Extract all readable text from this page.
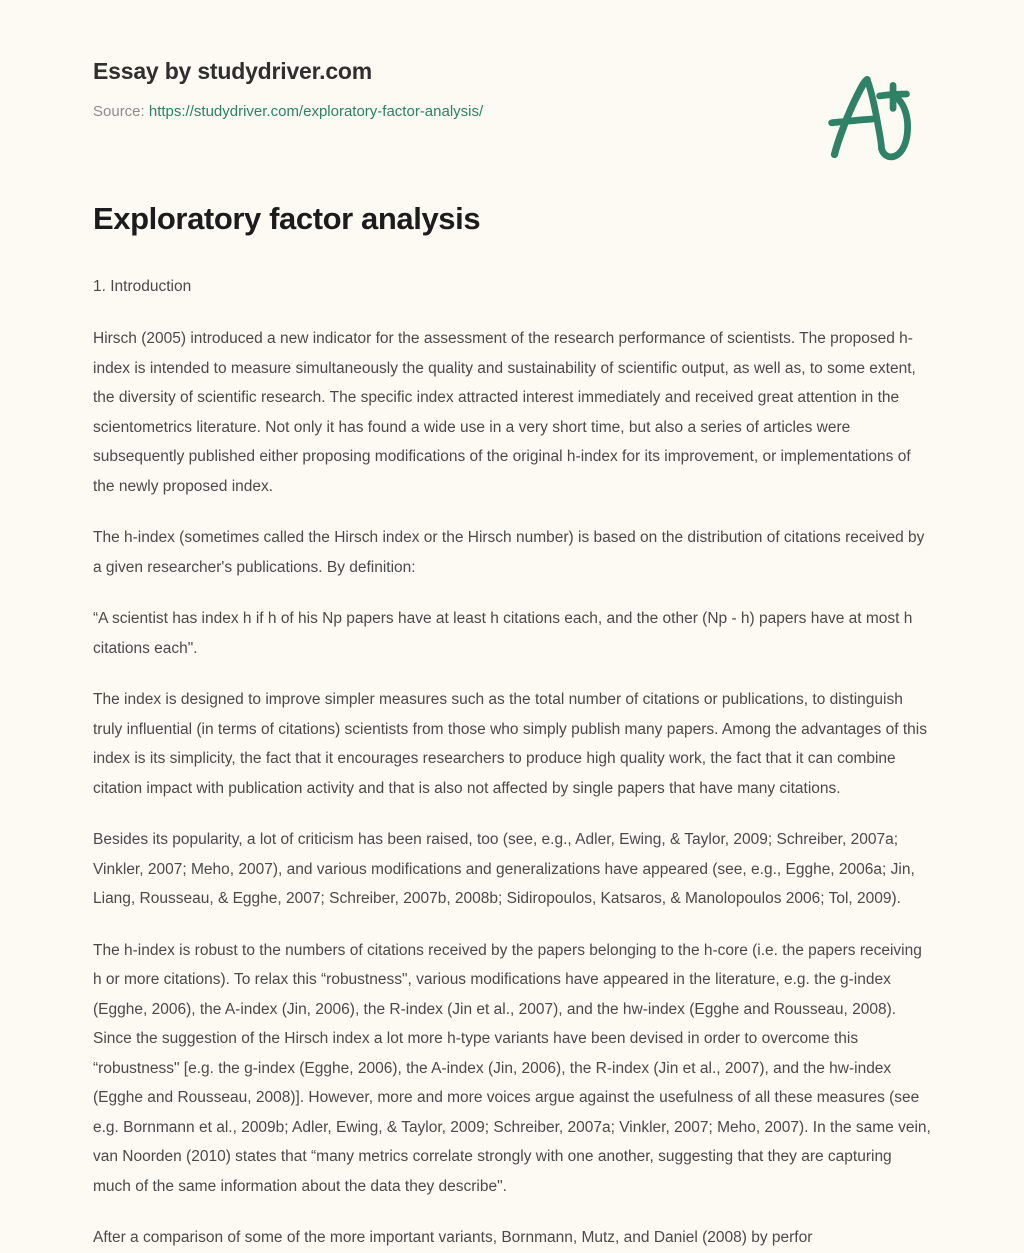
Essay by studydriver.com
Source: https://studydriver.com/exploratory-factor-analysis/
Exploratory factor analysis
1. Introduction

Hirsch (2005) introduced a new indicator for the assessment of the research performance of scientists. The proposed h-index is intended to measure simultaneously the quality and sustainability of scientific output, as well as, to some extent, the diversity of scientific research. The specific index attracted interest immediately and received great attention in the scientometrics literature. Not only it has found a wide use in a very short time, but also a series of articles were subsequently published either proposing modifications of the original h-index for its improvement, or implementations of the newly proposed index.

The h-index (sometimes called the Hirsch index or the Hirsch number) is based on the distribution of citations received by a given researcher's publications. By definition:

“A scientist has index h if h of his Np papers have at least h citations each, and the other (Np - h) papers have at most h citations each".

The index is designed to improve simpler measures such as the total number of citations or publications, to distinguish truly influential (in terms of citations) scientists from those who simply publish many papers. Among the advantages of this index is its simplicity, the fact that it encourages researchers to produce high quality work, the fact that it can combine citation impact with publication activity and that is also not affected by single papers that have many citations.

Besides its popularity, a lot of criticism has been raised, too (see, e.g., Adler, Ewing, & Taylor, 2009; Schreiber, 2007a; Vinkler, 2007; Meho, 2007), and various modifications and generalizations have appeared (see, e.g., Egghe, 2006a; Jin, Liang, Rousseau, & Egghe, 2007; Schreiber, 2007b, 2008b; Sidiropoulos, Katsaros, & Manolopoulos 2006; Tol, 2009).

The h-index is robust to the numbers of citations received by the papers belonging to the h-core (i.e. the papers receiving h or more citations). To relax this “robustness", various modifications have appeared in the literature, e.g. the g-index (Egghe, 2006), the A-index (Jin, 2006), the R-index (Jin et al., 2007), and the hw-index (Egghe and Rousseau, 2008). Since the suggestion of the Hirsch index a lot more h-type variants have been devised in order to overcome this “robustness" [e.g. the g-index (Egghe, 2006), the A-index (Jin, 2006), the R-index (Jin et al., 2007), and the hw-index (Egghe and Rousseau, 2008)]. However, more and more voices argue against the usefulness of all these measures (see e.g. Bornmann et al., 2009b; Adler, Ewing, & Taylor, 2009; Schreiber, 2007a; Vinkler, 2007; Meho, 2007). In the same vein, van Noorden (2010) states that “many metrics correlate strongly with one another, suggesting that they are capturing much of the same information about the data they describe".

After a comparison of some of the more important variants, Bornmann, Mutz, and Daniel (2008) by perfor
